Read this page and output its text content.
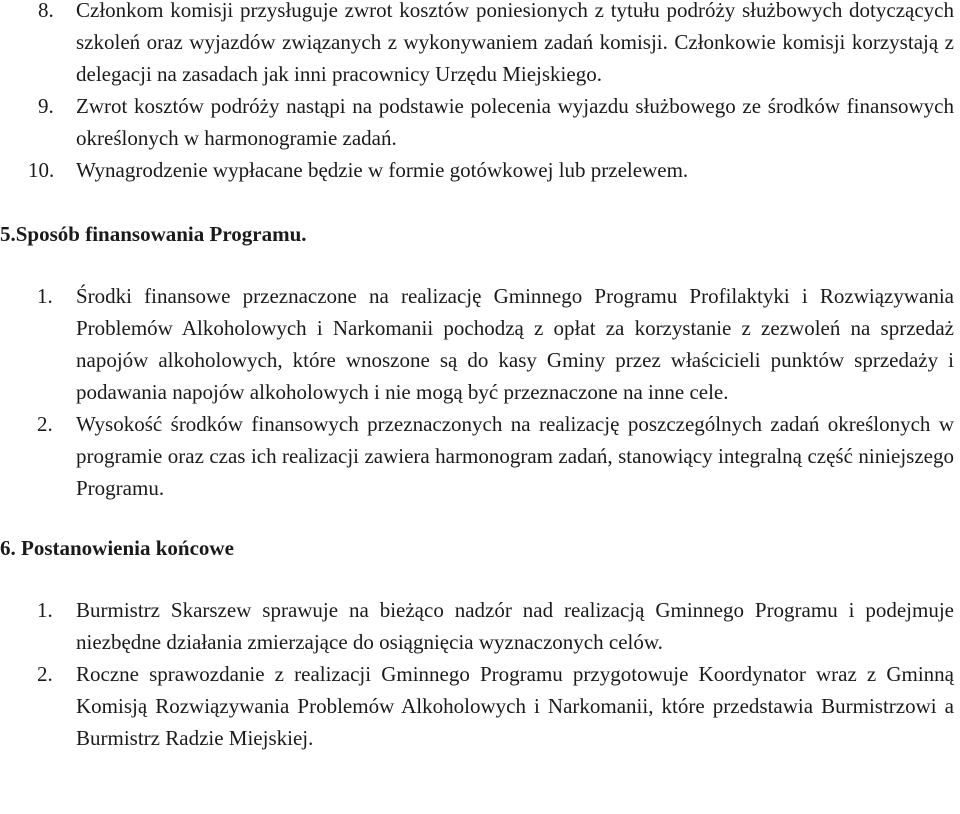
8. Członkom komisji przysługuje zwrot kosztów poniesionych z tytułu podróży służbowych dotyczących szkoleń oraz wyjazdów związanych z wykonywaniem zadań komisji. Członkowie komisji korzystają z delegacji na zasadach jak inni pracownicy Urzędu Miejskiego.
9. Zwrot kosztów podróży nastąpi na podstawie polecenia wyjazdu służbowego ze środków finansowych określonych w harmonogramie zadań.
10. Wynagrodzenie wypłacane będzie w formie gotówkowej lub przelewem.
5.Sposób finansowania Programu.
1. Środki finansowe przeznaczone na realizację Gminnego Programu Profilaktyki i Rozwiązywania Problemów Alkoholowych i Narkomanii pochodzą z opłat za korzystanie z zezwoleń na sprzedaż napojów alkoholowych, które wnoszone są do kasy Gminy przez właścicieli punktów sprzedaży i podawania napojów alkoholowych i nie mogą być przeznaczone na inne cele.
2. Wysokość środków finansowych przeznaczonych na realizację poszczególnych zadań określonych w programie oraz czas ich realizacji zawiera harmonogram zadań, stanowiący integralną część niniejszego Programu.
6. Postanowienia końcowe
1. Burmistrz Skarszew sprawuje na bieżąco nadzór nad realizacją Gminnego Programu i podejmuje niezbędne działania zmierzające do osiągnięcia wyznaczonych celów.
2. Roczne sprawozdanie z realizacji Gminnego Programu przygotowuje Koordynator wraz z Gminną Komisją Rozwiązywania Problemów Alkoholowych i Narkomanii, które przedstawia Burmistrzowi a Burmistrz Radzie Miejskiej.
